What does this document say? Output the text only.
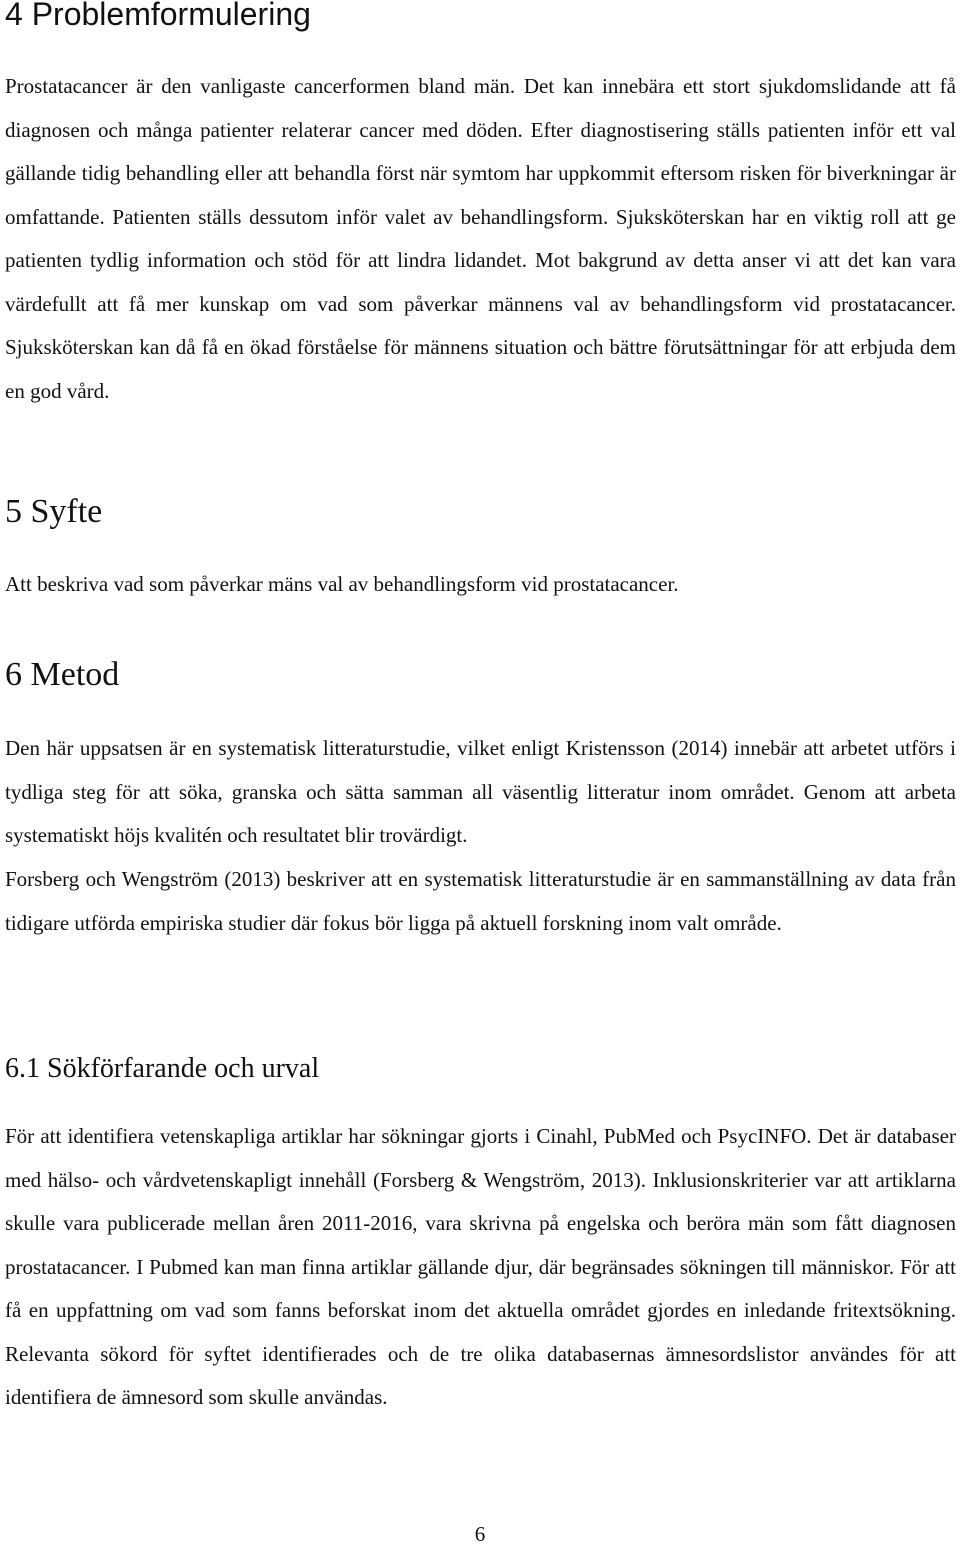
4 Problemformulering

Prostatacancer är den vanligaste cancerformen bland män. Det kan innebära ett stort sjukdomslidande att få diagnosen och många patienter relaterar cancer med döden. Efter diagnostisering ställs patienten inför ett val gällande tidig behandling eller att behandla först när symtom har uppkommit eftersom risken för biverkningar är omfattande. Patienten ställs dessutom inför valet av behandlingsform. Sjuksköterskan har en viktig roll att ge patienten tydlig information och stöd för att lindra lidandet. Mot bakgrund av detta anser vi att det kan vara värdefullt att få mer kunskap om vad som påverkar männens val av behandlingsform vid prostatacancer. Sjuksköterskan kan då få en ökad förståelse för männens situation och bättre förutsättningar för att erbjuda dem en god vård.

5 Syfte

Att beskriva vad som påverkar mäns val av behandlingsform vid prostatacancer.

6 Metod

Den här uppsatsen är en systematisk litteraturstudie, vilket enligt Kristensson (2014) innebär att arbetet utförs i tydliga steg för att söka, granska och sätta samman all väsentlig litteratur inom området. Genom att arbeta systematiskt höjs kvalitén och resultatet blir trovärdigt.

Forsberg och Wengström (2013) beskriver att en systematisk litteraturstudie är en sammanställning av data från tidigare utförda empiriska studier där fokus bör ligga på aktuell forskning inom valt område.

6.1 Sökförfarande och urval

För att identifiera vetenskapliga artiklar har sökningar gjorts i Cinahl, PubMed och PsycINFO. Det är databaser med hälso- och vårdvetenskapligt innehåll (Forsberg & Wengström, 2013). Inklusionskriterier var att artiklarna skulle vara publicerade mellan åren 2011-2016, vara skrivna på engelska och beröra män som fått diagnosen prostatacancer. I Pubmed kan man finna artiklar gällande djur, där begränsades sökningen till människor. För att få en uppfattning om vad som fanns beforskat inom det aktuella området gjordes en inledande fritextsökning. Relevanta sökord för syftet identifierades och de tre olika databasernas ämnesordslistor användes för att identifiera de ämnesord som skulle användas.

6
